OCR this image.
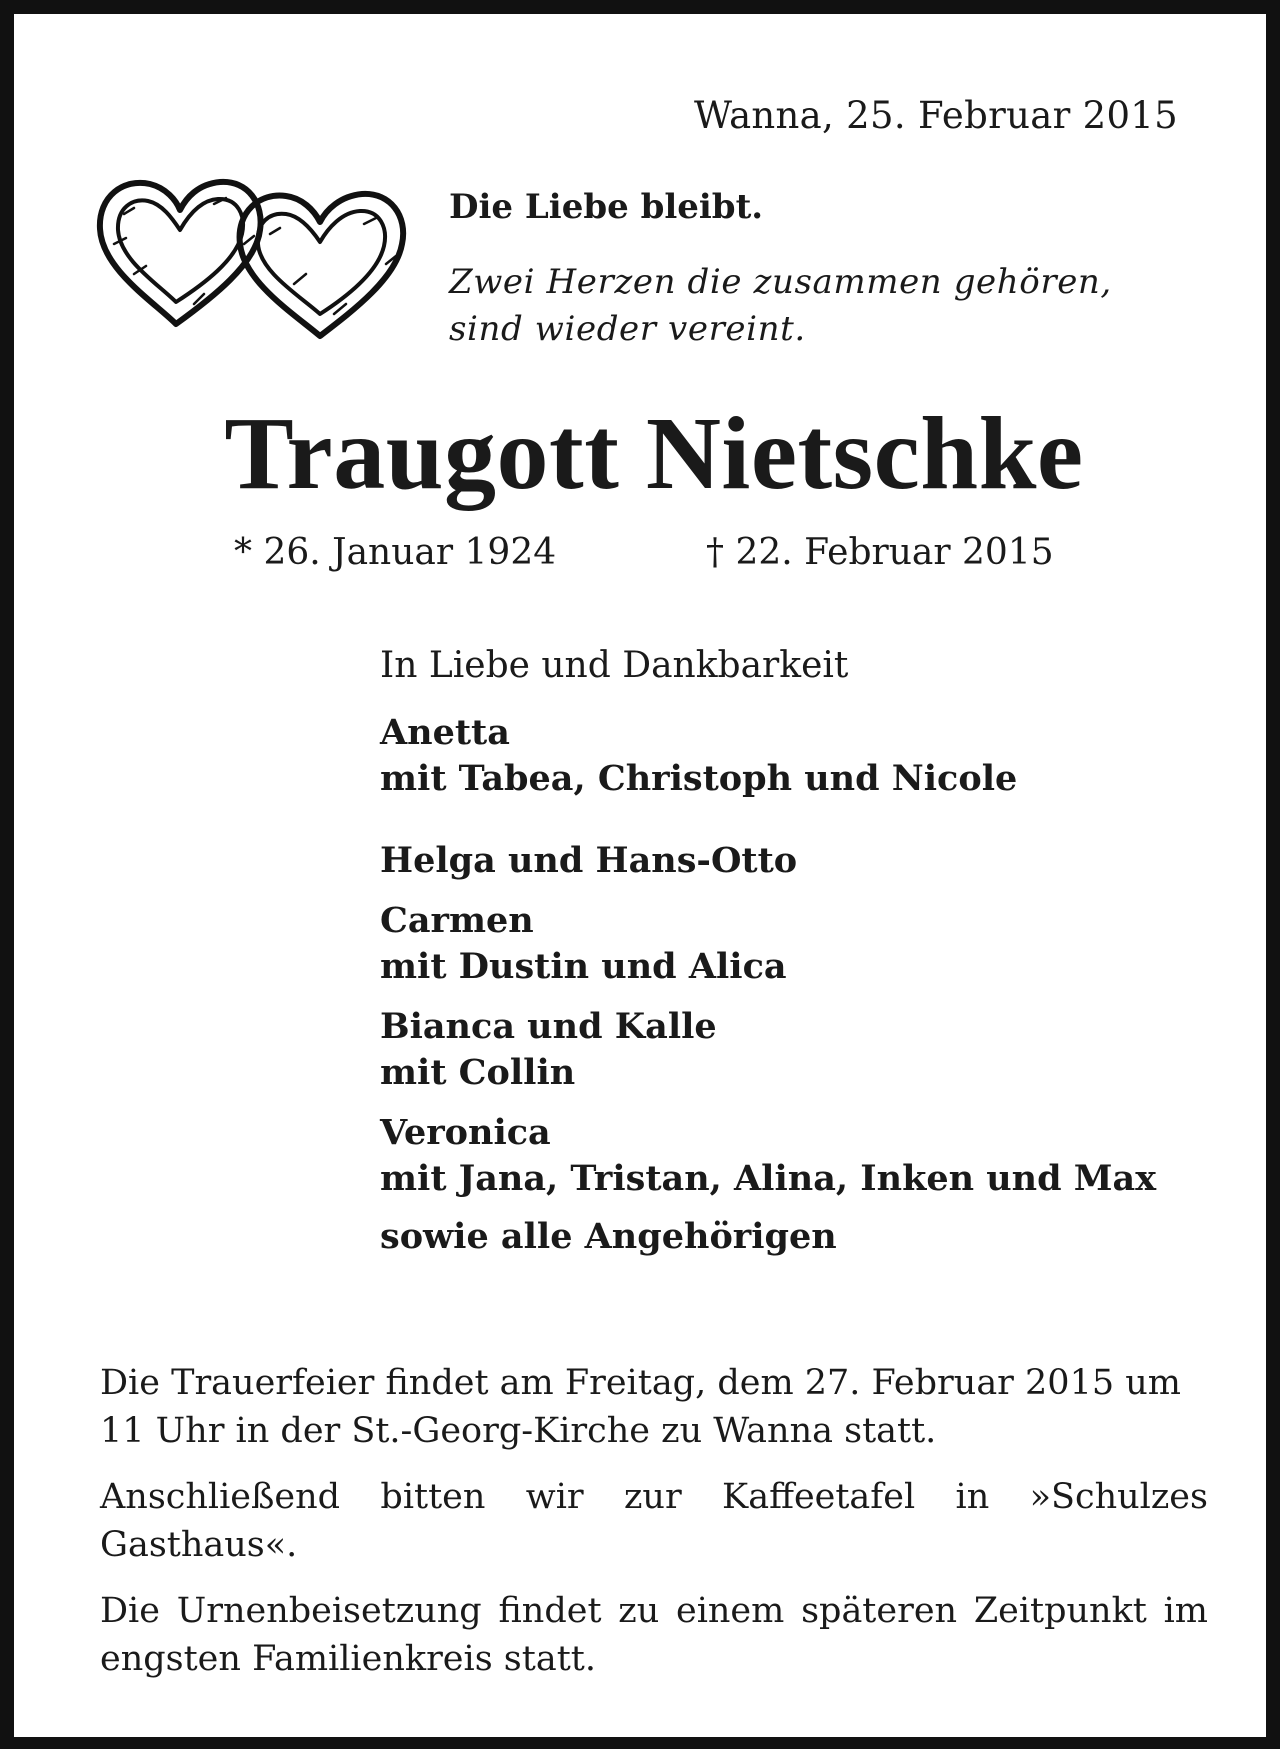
Wanna, 25. Februar 2015
Die Liebe bleibt.
Zwei Herzen die zusammen gehören,
sind wieder vereint.
Traugott Nietschke
* 26. Januar 1924	† 22. Februar 2015
In Liebe und Dankbarkeit
Anetta
mit Tabea, Christoph und Nicole
Helga und Hans-Otto
Carmen
mit Dustin und Alica
Bianca und Kalle
mit Collin
Veronica
mit Jana, Tristan, Alina, Inken und Max
sowie alle Angehörigen

Die Trauerfeier findet am Freitag, dem 27. Februar 2015 um 11 Uhr in der St.-Georg-Kirche zu Wanna statt.

Anschließend bitten wir zur Kaffeetafel in »Schulzes Gasthaus«.

Die Urnenbeisetzung findet zu einem späteren Zeitpunkt im engsten Familienkreis statt.
